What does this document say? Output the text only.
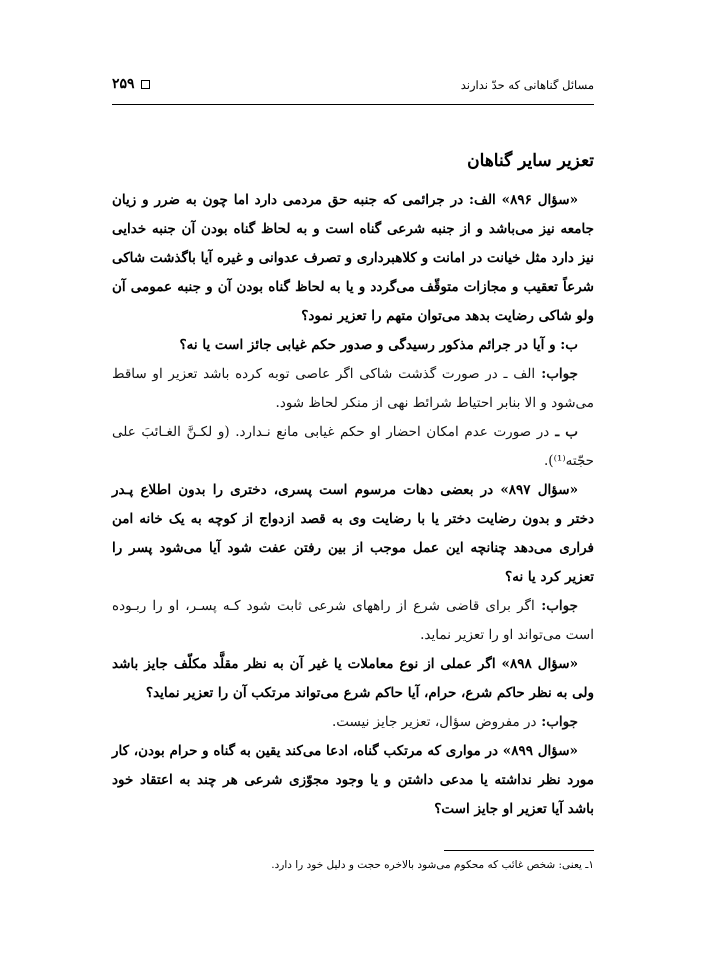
مسائل گناهانی که حدّ ندارند
۲۵۹
تعزیر سایر گناهان

«سؤال ۸۹۶» الف: در جرائمی که جنبه حق مردمی دارد اما چون به ضرر و زیان جامعه نیز می‌باشد و از جنبه شرعی گناه است و به لحاظ گناه بودن آن جنبه خدایی نیز دارد مثل خیانت در امانت و کلاهبرداری و تصرف عدوانی و غیره آیا باگذشت شاکی شرعاً تعقیب و مجازات متوقّف می‌گردد و یا به لحاظ گناه بودن آن و جنبه عمومی آن ولو شاکی رضایت بدهد می‌توان متهم را تعزیر نمود؟

ب: و آیا در جرائم مذکور رسیدگی و صدور حکم غیابی جائز است یا نه؟

جواب: الف ـ در صورت گذشت شاکی اگر عاصی توبه کرده باشد تعزیر او ساقط می‌شود و الا بنابر احتیاط شرائط نهی از منکر لحاظ شود.

ب ـ در صورت عدم امکان احضار او حکم غیابی مانع نـدارد. (و لکـنَّ الغـائبَ علی حجّته⁽¹⁾).

«سؤال ۸۹۷» در بعضی دهات مرسوم است پسری، دختری را بدون اطلاع پـدر دختر و بدون رضایت دختر یا با رضایت وی به قصد ازدواج از کوچه به یک خانه امن فراری می‌دهد چنانچه این عمل موجب از بین رفتن عفت شود آیا می‌شود پسر را تعزیر کرد یا نه؟

جواب: اگر برای قاضی شرع از راههای شرعی ثابت شود کـه پسـر، او را ربـوده است می‌تواند او را تعزیر نماید.

«سؤال ۸۹۸» اگر عملی از نوع معاملات یا غیر آن به نظر مقلَّد مکلّف جایز باشد ولی به نظر حاکم شرع، حرام، آیا حاکم شرع می‌تواند مرتکب آن را تعزیر نماید؟

جواب: در مفروض سؤال، تعزیر جایز نیست.

«سؤال ۸۹۹» در مواری که مرتکب گناه، ادعا می‌کند یقین به گناه و حرام بودن، کار مورد نظر نداشته یا مدعی داشتن و یا وجود مجوّزی شرعی هر چند به اعتقاد خود باشد آیا تعزیر او جایز است؟

۱ـ یعنی: شخص غائب که محکوم می‌شود بالاخره حجت و دلیل خود را دارد.
